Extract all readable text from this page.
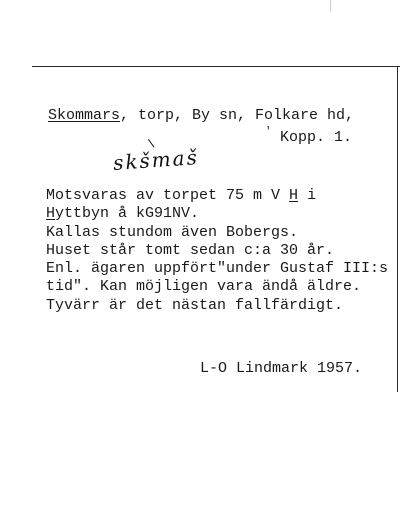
Skommars, torp, By sn, Folkare hd,
' Kopp. 1.
skšmaš
Motsvaras av torpet 75 m V H i
Hyttbyn å kG91NV.
Kallas stundom även Bobergs.
Huset står tomt sedan c:a 30 år.
Enl. ägaren uppfört"under Gustaf III:s
tid". Kan möjligen vara ändå äldre.
Tyvärr är det nästan fallfärdigt.
L-O Lindmark 1957.
